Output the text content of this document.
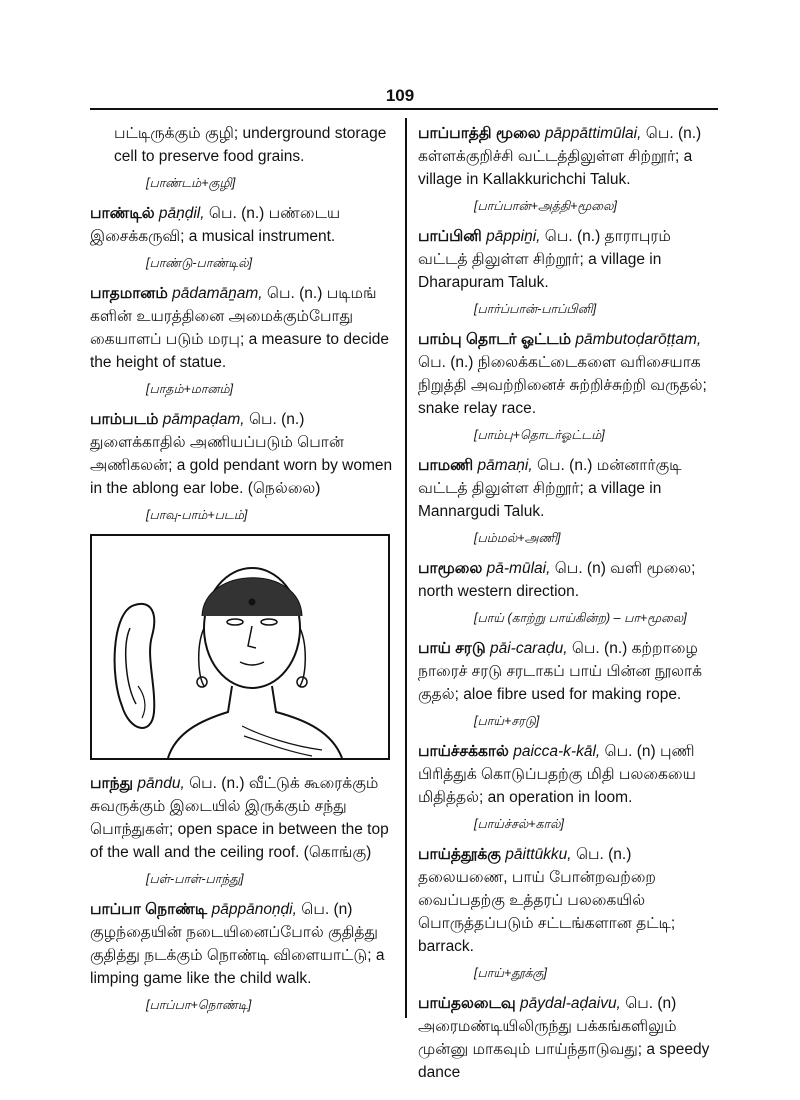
109
பட்டிருக்கும் குழி; underground storage cell to preserve food grains.
[பாண்டம்+குழி]
பாண்டில் pāṇḍil, பெ. (n.) பண்டைய இசைக்கருவி; a musical instrument.
[பாண்டு-பாண்டில்]
பாதமானம் pādamāṉam, பெ. (n.) படிமங் களின் உயரத்தினை அமைக்கும்போது கையாளப் படும் மரபு; a measure to decide the height of statue.
[பாதம்+மானம்]
பாம்படம் pāmpaḍam, பெ. (n.) துளைக்காதில் அணியப்படும் பொன் அணிகலன்; a gold pendant worn by women in the ablong ear lobe. (நெல்லை)
[பாவு-பாம்+படம்]
பாந்து pāndu, பெ. (n.) வீட்டுக் கூரைக்கும் சுவருக்கும் இடையில் இருக்கும் சந்து பொந்துகள்; open space in between the top of the wall and the ceiling roof. (கொங்கு)
[பள்-பாள்-பாந்து]
பாப்பா நொண்டி pāppānoṇḍi, பெ. (n) குழந்தையின் நடையினைப்போல் குதித்து குதித்து நடக்கும் நொண்டி விளையாட்டு; a limping game like the child walk.
[பாப்பா+நொண்டி]
பாப்பாத்தி மூலை pāppāttimūlai, பெ. (n.) கள்ளக்குறிச்சி வட்டத்திலுள்ள சிற்றூர்; a village in Kallakkurichchi Taluk.
[பாப்பான்+அத்தி+மூலை]
பாப்பினி pāppiṉi, பெ. (n.) தாராபுரம் வட்டத் திலுள்ள சிற்றூர்; a village in Dharapuram Taluk.
[பார்ப்பான்-பாப்பினி]
பாம்பு தொடர் ஓட்டம் pāmbutoḍarōṭṭam, பெ. (n.) நிலைக்கட்டைகளை வரிசையாக நிறுத்தி அவற்றினைச் சுற்றிச்சுற்றி வருதல்; snake relay race.
[பாம்பு+தொடர்ஓட்டம்]
பாமணி pāmaṇi, பெ. (n.) மன்னார்குடி வட்டத் திலுள்ள சிற்றூர்; a village in Mannargudi Taluk.
[பம்மல்+அணி]
பாமூலை pā-mūlai, பெ. (n) வளி மூலை; north western direction.
[பாய் (காற்று பாய்கின்ற) – பா+மூலை]
பாய் சரடு pāi-caraḍu, பெ. (n.) கற்றாழை நாரைச் சரடு சரடாகப் பாய் பின்ன நூலாக் குதல்; aloe fibre used for making rope.
[பாய்+சரடு]
பாய்ச்சக்கால் paicca-k-kāl, பெ. (n) புணி பிரித்துக் கொடுப்பதற்கு மிதி பலகையை மிதித்தல்; an operation in loom.
[பாய்ச்சல்+கால்]
பாய்த்தூக்கு pāittūkku, பெ. (n.) தலையணை, பாய் போன்றவற்றை வைப்பதற்கு உத்தரப் பலகையில் பொருத்தப்படும் சட்டங்களான தட்டி; barrack.
[பாய்+தூக்கு]
பாய்தலடைவு pāydal-aḍaivu, பெ. (n) அரைமண்டியிலிருந்து பக்கங்களிலும் முன்னு மாகவும் பாய்ந்தாடுவது; a speedy dance
